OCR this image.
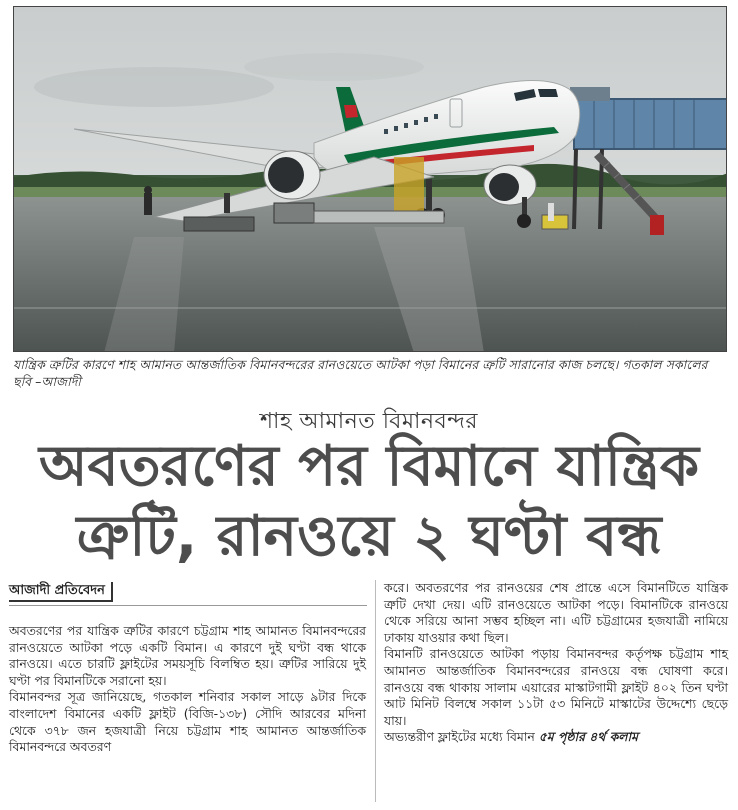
যান্ত্রিক ত্রুটির কারণে শাহ আমানত আন্তর্জাতিক বিমানবন্দরের রানওয়েতে আটকা পড়া বিমানের ত্রুটি সারানোর কাজ চলছে। গতকাল সকালের ছবি –আজাদী
শাহ আমানত বিমানবন্দর
অবতরণের পর বিমানে যান্ত্রিক
ত্রুটি, রানওয়ে ২ ঘণ্টা বন্ধ
আজাদী প্রতিবেদন

অবতরণের পর যান্ত্রিক ত্রুটির কারণে চট্টগ্রাম শাহ আমানত বিমানবন্দরের রানওয়েতে আটকা পড়ে একটি বিমান। এ কারণে দুই ঘণ্টা বন্ধ থাকে রানওয়ে। এতে চারটি ফ্লাইটের সময়সূচি বিলম্বিত হয়। ত্রুটির সারিয়ে দুই ঘণ্টা পর বিমানটিকে সরানো হয়।

বিমানবন্দর সূত্র জানিয়েছে, গতকাল শনিবার সকাল সাড়ে ৯টার দিকে বাংলাদেশ বিমানের একটি ফ্লাইট (বিজি-১৩৮) সৌদি আরবের মদিনা থেকে ৩৭৮ জন হজযাত্রী নিয়ে চট্টগ্রাম শাহ আমানত আন্তর্জাতিক বিমানবন্দরে অবতরণ

করে। অবতরণের পর রানওয়ের শেষ প্রান্তে এসে বিমানটিতে যান্ত্রিক ত্রুটি দেখা দেয়। এটি রানওয়েতে আটকা পড়ে। বিমানটিকে রানওয়ে থেকে সরিয়ে আনা সম্ভব হচ্ছিল না। এটি চট্টগ্রামের হজযাত্রী নামিয়ে ঢাকায় যাওয়ার কথা ছিল।

বিমানটি রানওয়েতে আটকা পড়ায় বিমানবন্দর কর্তৃপক্ষ চট্টগ্রাম শাহ আমানত আন্তর্জাতিক বিমানবন্দরের রানওয়ে বন্ধ ঘোষণা করে। রানওয়ে বন্ধ থাকায় সালাম এয়ারের মাস্কাটগামী ফ্লাইট ৪০২ তিন ঘণ্টা আট মিনিট বিলম্বে সকাল ১১টা ৫৩ মিনিটে মাস্কাটের উদ্দেশ্যে ছেড়ে যায়।

অভ্যন্তরীণ ফ্লাইটের মধ্যে বিমান ৫ম পৃষ্ঠার ৪র্থ কলাম
